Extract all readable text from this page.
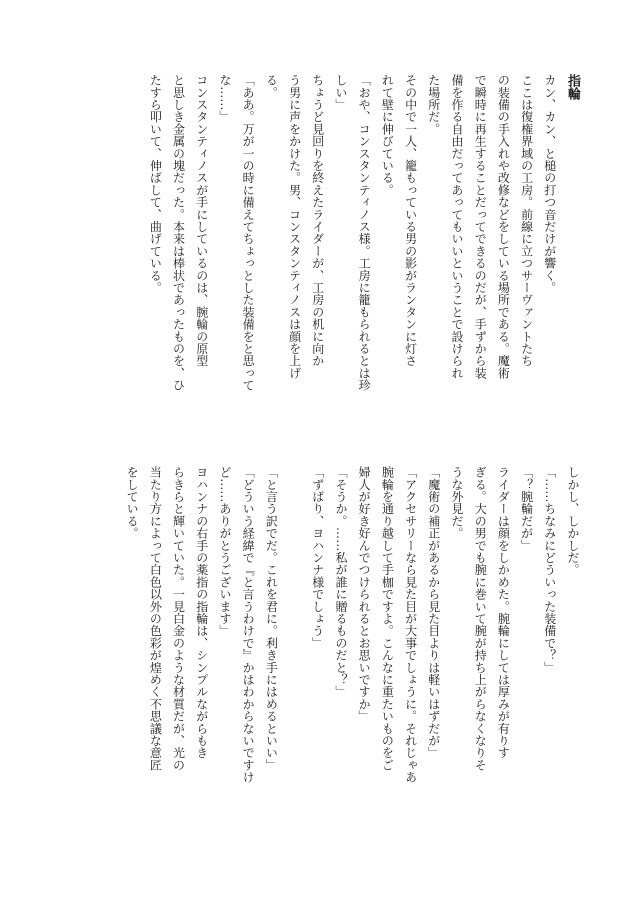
指輪
カン、カン、と槌の打つ音だけが響く。
ここは復権界域の工房。前線に立つサーヴァントたち
の装備の手入れや改修などをしている場所である。魔術
で瞬時に再生することだってできるのだが、手ずから装
備を作る自由だってあってもいいということで設けられ
た場所だ。
その中で一人、籠もっている男の影がランタンに灯さ
れて壁に伸びている。
「おや、コンスタンティノス様。工房に籠もられるとは珍
しい」
ちょうど見回りを終えたライダーが、工房の机に向か
う男に声をかけた。男、コンスタンティノスは顔を上げ
る。
「ああ。万が一の時に備えてちょっとした装備をと思って
な……」
コンスタンティノスが手にしているのは、腕輪の原型
と思しき金属の塊だった。本来は棒状であったものを、ひ
たすら叩いて、伸ばして、曲げている。
しかし、しかしだ。
「……ちなみにどういった装備で？」
「？腕輪だが」
ライダーは顔をしかめた。腕輪にしては厚みが有りす
ぎる。大の男でも腕に巻いて腕が持ち上がらなくなりそ
うな外見だ。
「魔術の補正があるから見た目よりは軽いはずだが」
「アクセサリーなら見た目が大事でしょうに。それじゃあ
腕輪を通り越して手枷ですよ。こんなに重たいものをご
婦人が好き好んでつけられるとお思いですか」
「そうか。……私が誰に贈るものだと？」
「ずばり、ヨハンナ様でしょう」
「と言う訳でだ。これを君に。利き手にはめるといい」
「どういう経緯で『と言うわけで』かはわからないですけ
ど……ありがとうございます」
ヨハンナの右手の薬指の指輪は、シンプルながらもき
らきらと輝いていた。一見白金のような材質だが、光の
当たり方によって白色以外の色彩が煌めく不思議な意匠
をしている。
